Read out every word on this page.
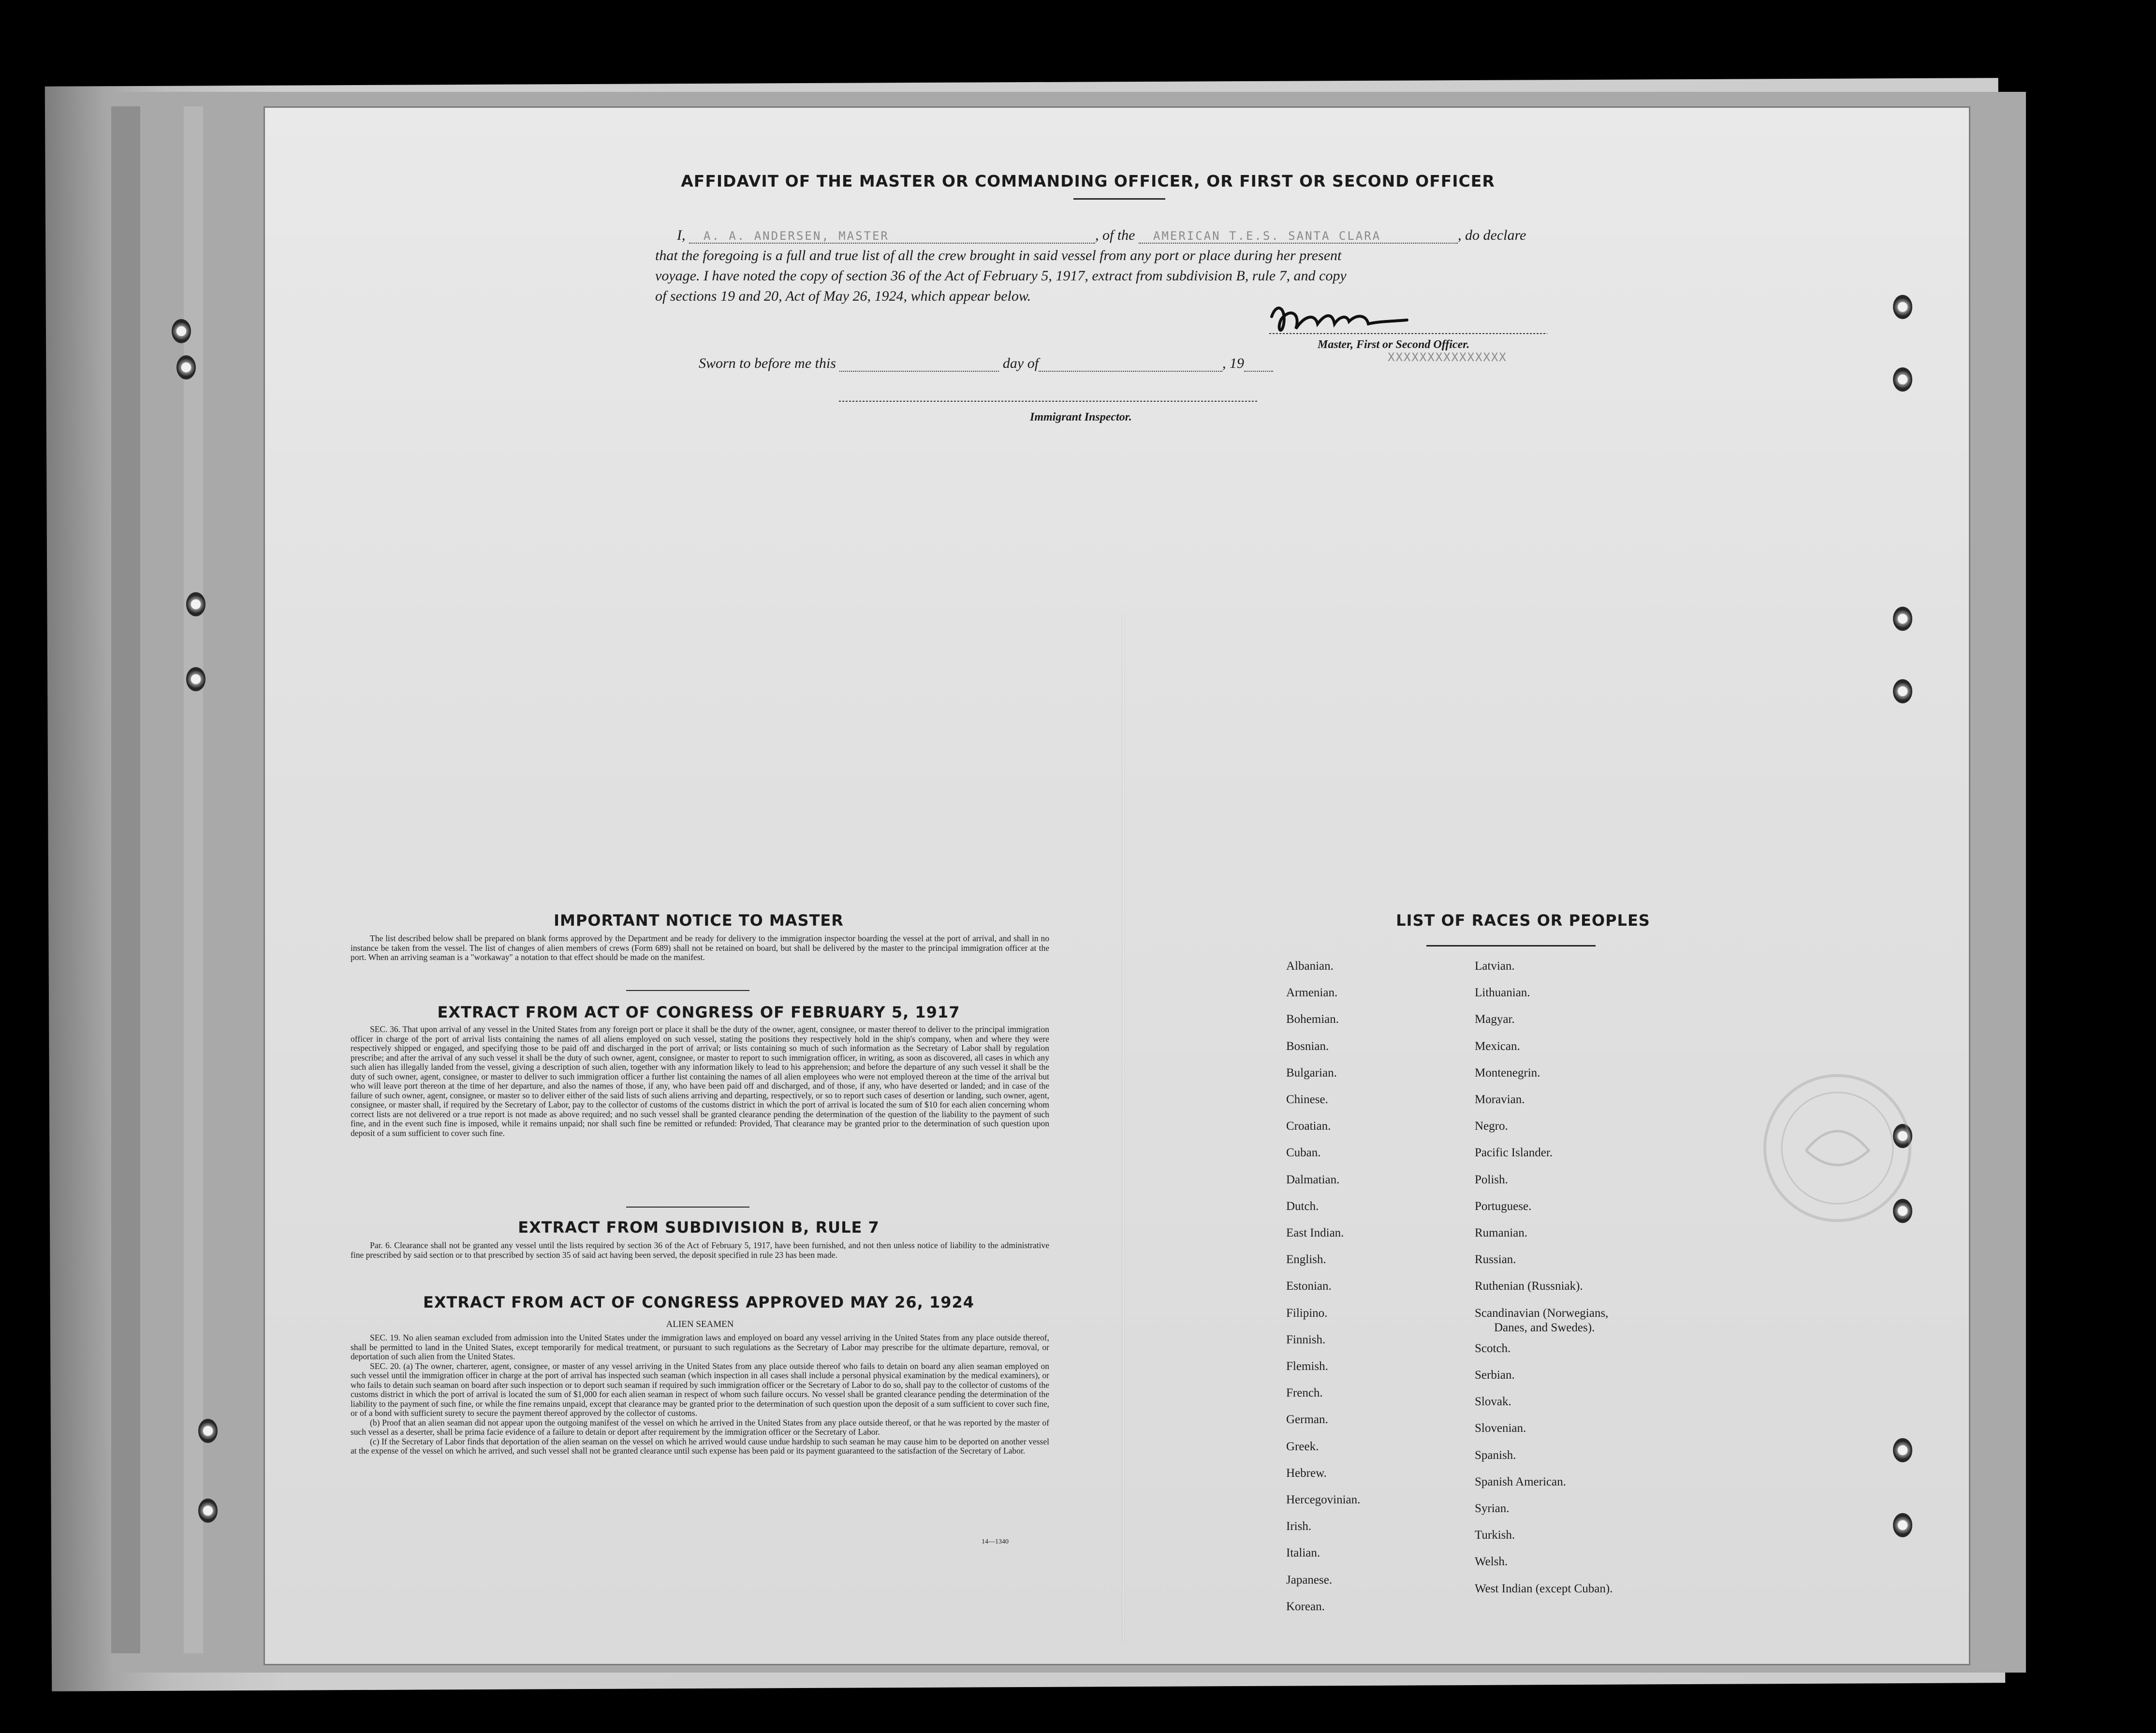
AFFIDAVIT OF THE MASTER OR COMMANDING OFFICER, OR FIRST OR SECOND OFFICER
I, A. A. ANDERSEN, MASTER	, of the AMERICAN T.E.S. SANTA CLARA	, do declare
that the foregoing is a full and true list of all the crew brought in said vessel from any port or place during her present
voyage. I have noted the copy of section 36 of the Act of February 5, 1917, extract from subdivision B, rule 7, and copy
of sections 19 and 20, Act of May 26, 1924, which appear below.
Master, First or Second Officer.
XXXXXXXXXXXXXXX
Sworn to before me this	day of	, 19
Immigrant Inspector.
IMPORTANT NOTICE TO MASTER

The list described below shall be prepared on blank forms approved by the Department and be ready for delivery to the immigration inspector boarding the vessel at the port of arrival, and shall in no instance be taken from the vessel. The list of changes of alien members of crews (Form 689) shall not be retained on board, but shall be delivered by the master to the principal immigration officer at the port. When an arriving seaman is a "workaway" a notation to that effect should be made on the manifest.

EXTRACT FROM ACT OF CONGRESS OF FEBRUARY 5, 1917

SEC. 36. That upon arrival of any vessel in the United States from any foreign port or place it shall be the duty of the owner, agent, consignee, or master thereof to deliver to the principal immigration officer in charge of the port of arrival lists containing the names of all aliens employed on such vessel, stating the positions they respectively hold in the ship's company, when and where they were respectively shipped or engaged, and specifying those to be paid off and discharged in the port of arrival; or lists containing so much of such information as the Secretary of Labor shall by regulation prescribe; and after the arrival of any such vessel it shall be the duty of such owner, agent, consignee, or master to report to such immigration officer, in writing, as soon as discovered, all cases in which any such alien has illegally landed from the vessel, giving a description of such alien, together with any information likely to lead to his apprehension; and before the departure of any such vessel it shall be the duty of such owner, agent, consignee, or master to deliver to such immigration officer a further list containing the names of all alien employees who were not employed thereon at the time of the arrival but who will leave port thereon at the time of her departure, and also the names of those, if any, who have been paid off and discharged, and of those, if any, who have deserted or landed; and in case of the failure of such owner, agent, consignee, or master so to deliver either of the said lists of such aliens arriving and departing, respectively, or so to report such cases of desertion or landing, such owner, agent, consignee, or master shall, if required by the Secretary of Labor, pay to the collector of customs of the customs district in which the port of arrival is located the sum of $10 for each alien concerning whom correct lists are not delivered or a true report is not made as above required; and no such vessel shall be granted clearance pending the determination of the question of the liability to the payment of such fine, and in the event such fine is imposed, while it remains unpaid; nor shall such fine be remitted or refunded: Provided, That clearance may be granted prior to the determination of such question upon deposit of a sum sufficient to cover such fine.

EXTRACT FROM SUBDIVISION B, RULE 7

Par. 6. Clearance shall not be granted any vessel until the lists required by section 36 of the Act of February 5, 1917, have been furnished, and not then unless notice of liability to the administrative fine prescribed by said section or to that prescribed by section 35 of said act having been served, the deposit specified in rule 23 has been made.

EXTRACT FROM ACT OF CONGRESS APPROVED MAY 26, 1924
ALIEN SEAMEN

SEC. 19. No alien seaman excluded from admission into the United States under the immigration laws and employed on board any vessel arriving in the United States from any place outside thereof, shall be permitted to land in the United States, except temporarily for medical treatment, or pursuant to such regulations as the Secretary of Labor may prescribe for the ultimate departure, removal, or deportation of such alien from the United States.

SEC. 20. (a) The owner, charterer, agent, consignee, or master of any vessel arriving in the United States from any place outside thereof who fails to detain on board any alien seaman employed on such vessel until the immigration officer in charge at the port of arrival has inspected such seaman (which inspection in all cases shall include a personal physical examination by the medical examiners), or who fails to detain such seaman on board after such inspection or to deport such seaman if required by such immigration officer or the Secretary of Labor to do so, shall pay to the collector of customs of the customs district in which the port of arrival is located the sum of $1,000 for each alien seaman in respect of whom such failure occurs. No vessel shall be granted clearance pending the determination of the liability to the payment of such fine, or while the fine remains unpaid, except that clearance may be granted prior to the determination of such question upon the deposit of a sum sufficient to cover such fine, or of a bond with sufficient surety to secure the payment thereof approved by the collector of customs.

(b) Proof that an alien seaman did not appear upon the outgoing manifest of the vessel on which he arrived in the United States from any place outside thereof, or that he was reported by the master of such vessel as a deserter, shall be prima facie evidence of a failure to detain or deport after requirement by the immigration officer or the Secretary of Labor.

(c) If the Secretary of Labor finds that deportation of the alien seaman on the vessel on which he arrived would cause undue hardship to such seaman he may cause him to be deported on another vessel at the expense of the vessel on which he arrived, and such vessel shall not be granted clearance until such expense has been paid or its payment guaranteed to the satisfaction of the Secretary of Labor.

14—1340
LIST OF RACES OR PEOPLES
Albanian.
Armenian.
Bohemian.
Bosnian.
Bulgarian.
Chinese.
Croatian.
Cuban.
Dalmatian.
Dutch.
East Indian.
English.
Estonian.
Filipino.
Finnish.
Flemish.
French.
German.
Greek.
Hebrew.
Hercegovinian.
Irish.
Italian.
Japanese.
Korean.
Latvian.
Lithuanian.
Magyar.
Mexican.
Montenegrin.
Moravian.
Negro.
Pacific Islander.
Polish.
Portuguese.
Rumanian.
Russian.
Ruthenian (Russniak).
Scandinavian (Norwegians,
Danes, and Swedes).
Scotch.
Serbian.
Slovak.
Slovenian.
Spanish.
Spanish American.
Syrian.
Turkish.
Welsh.
West Indian (except Cuban).
